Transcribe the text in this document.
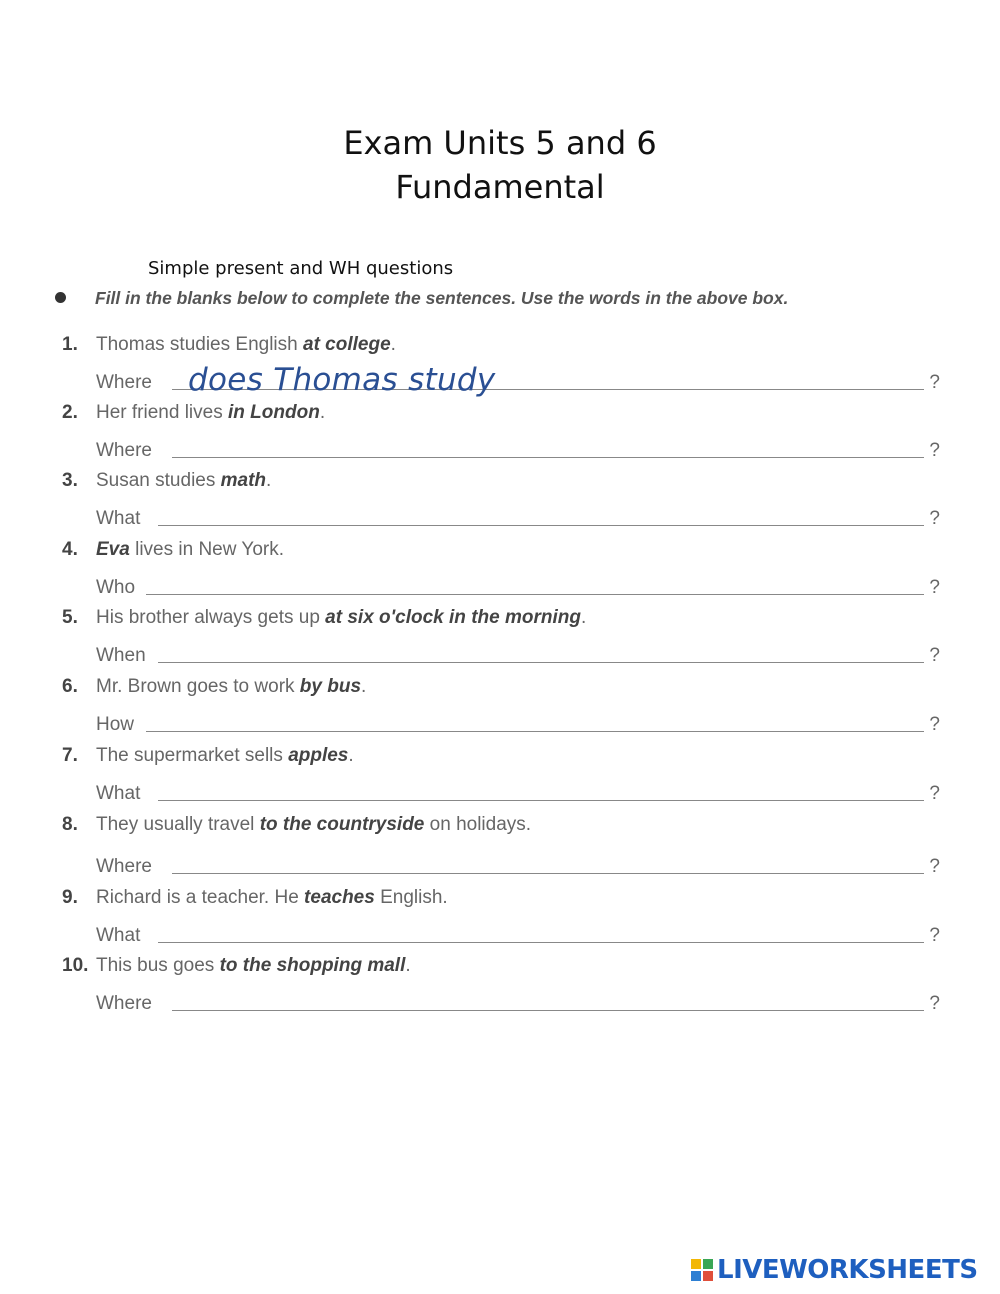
Exam Units 5 and 6
Fundamental
Simple present and WH questions
Fill in the blanks below to complete the sentences. Use the words in the above box.
1. Thomas studies English at college.
Where does Thomas study	?
2. Her friend lives in London.
Where	?
3. Susan studies math.
What	?
4. Eva lives in New York.
Who	?
5. His brother always gets up at six o'clock in the morning.
When	?
6. Mr. Brown goes to work by bus.
How	?
7. The supermarket sells apples.
What	?
8. They usually travel to the countryside on holidays.
Where	?
9. Richard is a teacher. He teaches English.
What	?
10. This bus goes to the shopping mall.
Where	?
LIVEWORKSHEETS
